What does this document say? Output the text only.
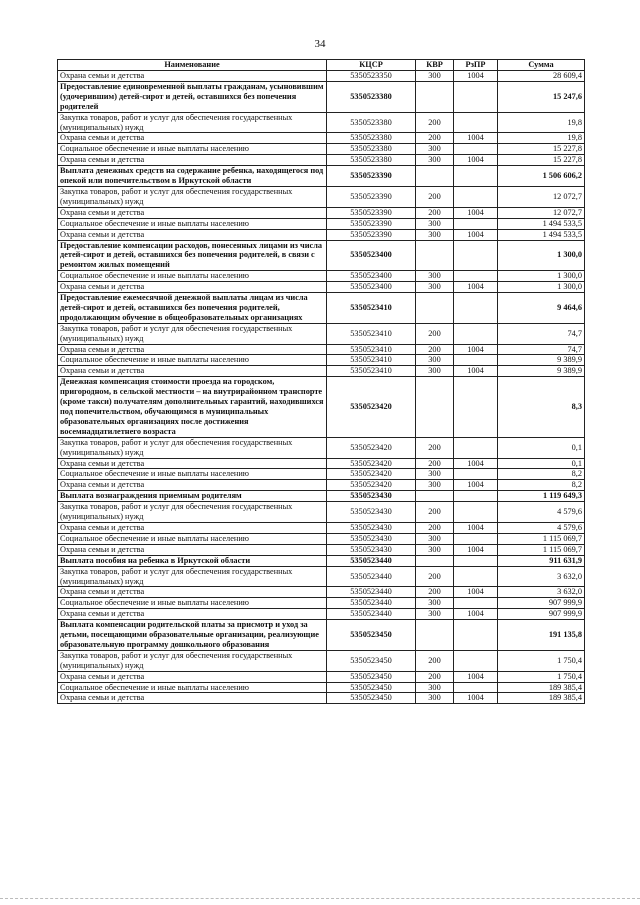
34
Наименование	КЦСР	КВР	РзПР	Сумма
Охрана семьи и детства	5350523350	300	1004	28 609,4
Предоставление единовременной выплаты гражданам, усыновившим (удочерившим) детей-сирот и детей, оставшихся без попечения родителей	5350523380			15 247,6
Закупка товаров, работ и услуг для обеспечения государственных (муниципальных) нужд	5350523380	200		19,8
Охрана семьи и детства	5350523380	200	1004	19,8
Социальное обеспечение и иные выплаты населению	5350523380	300		15 227,8
Охрана семьи и детства	5350523380	300	1004	15 227,8
Выплата денежных средств на содержание ребенка, находящегося под опекой или попечительством в Иркутской области	5350523390			1 506 606,2
Закупка товаров, работ и услуг для обеспечения государственных (муниципальных) нужд	5350523390	200		12 072,7
Охрана семьи и детства	5350523390	200	1004	12 072,7
Социальное обеспечение и иные выплаты населению	5350523390	300		1 494 533,5
Охрана семьи и детства	5350523390	300	1004	1 494 533,5
Предоставление компенсации расходов, понесенных лицами из числа детей-сирот и детей, оставшихся без попечения родителей, в связи с ремонтом жилых помещений	5350523400			1 300,0
Социальное обеспечение и иные выплаты населению	5350523400	300		1 300,0
Охрана семьи и детства	5350523400	300	1004	1 300,0
Предоставление ежемесячной денежной выплаты лицам из числа детей-сирот и детей, оставшихся без попечения родителей, продолжающим обучение в общеобразовательных организациях	5350523410			9 464,6
Закупка товаров, работ и услуг для обеспечения государственных (муниципальных) нужд	5350523410	200		74,7
Охрана семьи и детства	5350523410	200	1004	74,7
Социальное обеспечение и иные выплаты населению	5350523410	300		9 389,9
Охрана семьи и детства	5350523410	300	1004	9 389,9
Денежная компенсация стоимости проезда на городском, пригородном, в сельской местности – на внутрирайонном транспорте (кроме такси) получателям дополнительных гарантий, находившихся под попечительством, обучающимся в муниципальных образовательных организациях после достижения восемнадцатилетнего возраста	5350523420			8,3
Закупка товаров, работ и услуг для обеспечения государственных (муниципальных) нужд	5350523420	200		0,1
Охрана семьи и детства	5350523420	200	1004	0,1
Социальное обеспечение и иные выплаты населению	5350523420	300		8,2
Охрана семьи и детства	5350523420	300	1004	8,2
Выплата вознаграждения приемным родителям	5350523430			1 119 649,3
Закупка товаров, работ и услуг для обеспечения государственных (муниципальных) нужд	5350523430	200		4 579,6
Охрана семьи и детства	5350523430	200	1004	4 579,6
Социальное обеспечение и иные выплаты населению	5350523430	300		1 115 069,7
Охрана семьи и детства	5350523430	300	1004	1 115 069,7
Выплата пособия на ребенка в Иркутской области	5350523440			911 631,9
Закупка товаров, работ и услуг для обеспечения государственных (муниципальных) нужд	5350523440	200		3 632,0
Охрана семьи и детства	5350523440	200	1004	3 632,0
Социальное обеспечение и иные выплаты населению	5350523440	300		907 999,9
Охрана семьи и детства	5350523440	300	1004	907 999,9
Выплата компенсации родительской платы за присмотр и уход за детьми, посещающими образовательные организации, реализующие образовательную программу дошкольного образования	5350523450			191 135,8
Закупка товаров, работ и услуг для обеспечения государственных (муниципальных) нужд	5350523450	200		1 750,4
Охрана семьи и детства	5350523450	200	1004	1 750,4
Социальное обеспечение и иные выплаты населению	5350523450	300		189 385,4
Охрана семьи и детства	5350523450	300	1004	189 385,4
